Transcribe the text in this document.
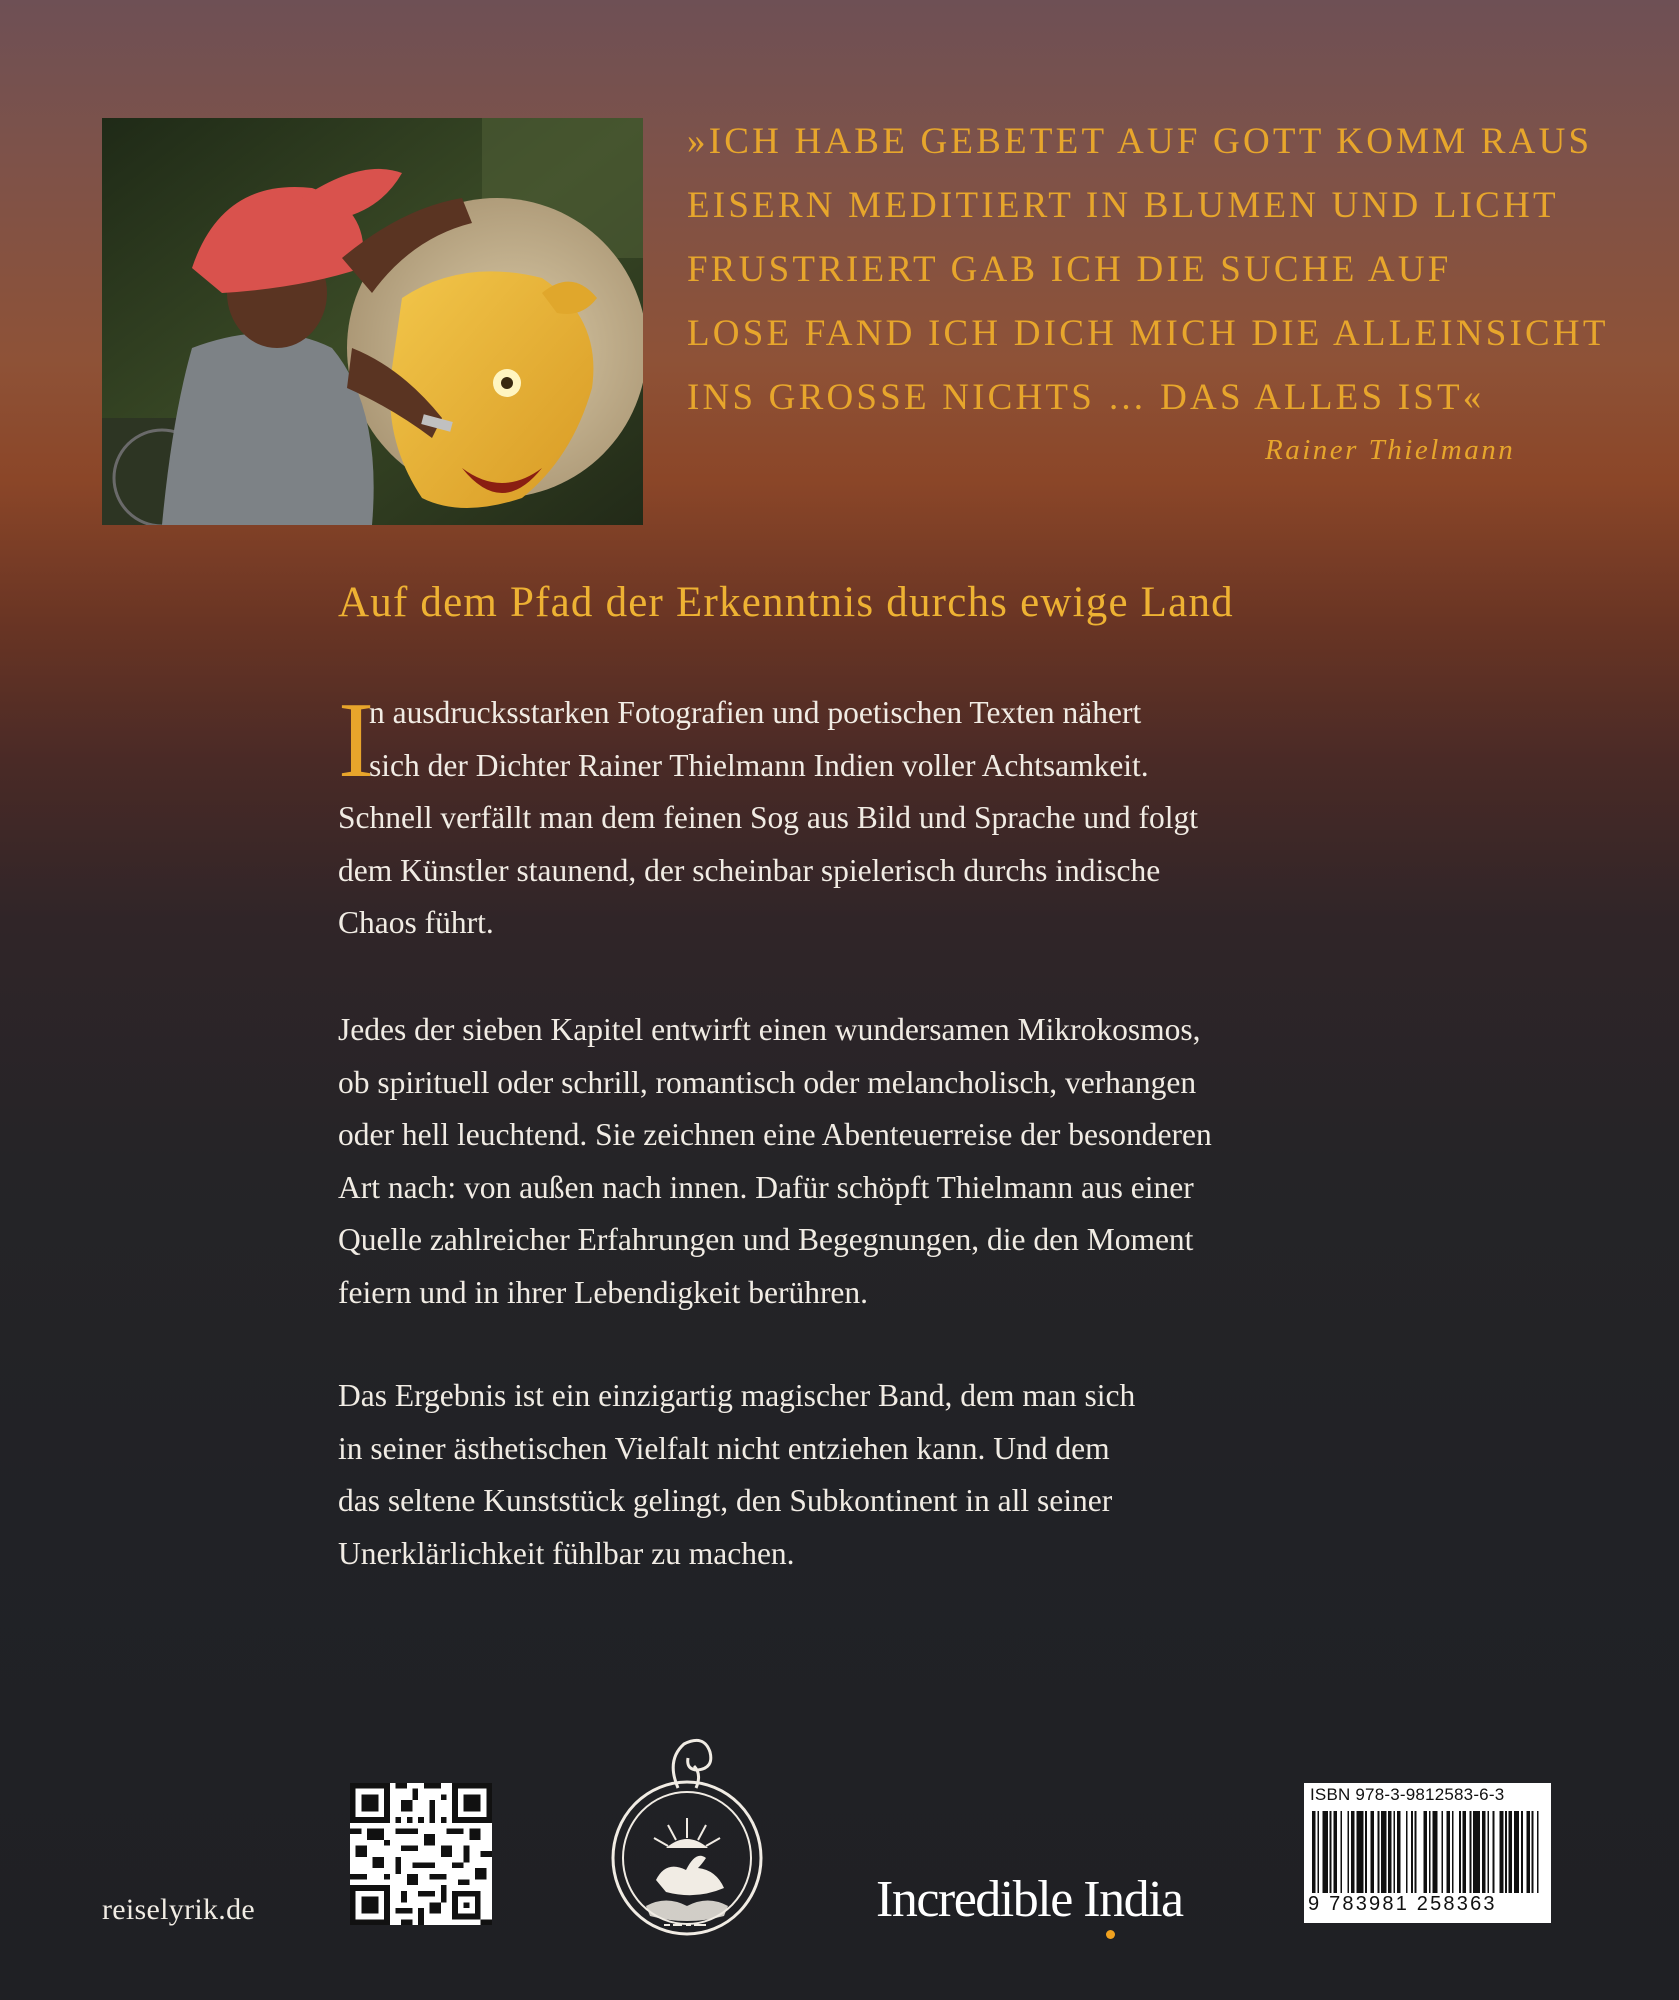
»ICH HABE GEBETET AUF GOTT KOMM RAUS
EISERN MEDITIERT IN BLUMEN UND LICHT
FRUSTRIERT GAB ICH DIE SUCHE AUF
LOSE FAND ICH DICH MICH DIE ALLEINSICHT
INS GROSSE NICHTS … DAS ALLES IST«
Rainer Thielmann
Auf dem Pfad der Erkenntnis durchs ewige Land
I
n ausdrucksstarken Fotografien und poetischen Texten nähert
sich der Dichter Rainer Thielmann Indien voller Achtsamkeit.
Schnell verfällt man dem feinen Sog aus Bild und Sprache und folgt
dem Künstler staunend, der scheinbar spielerisch durchs indische
Chaos führt.
Jedes der sieben Kapitel entwirft einen wundersamen Mikrokosmos,
ob spirituell oder schrill, romantisch oder melancholisch, verhangen
oder hell leuchtend. Sie zeichnen eine Abenteuerreise der besonderen
Art nach: von außen nach innen. Dafür schöpft Thielmann aus einer
Quelle zahlreicher Erfahrungen und Begegnungen, die den Moment
feiern und in ihrer Lebendigkeit berühren.
Das Ergebnis ist ein einzigartig magischer Band, dem man sich
in seiner ästhetischen Vielfalt nicht entziehen kann. Und dem
das seltene Kunststück gelingt, den Subkontinent in all seiner
Unerklärlichkeit fühlbar zu machen.
reiselyrik.de	Incredible India
ISBN 978-3-9812583-6-3
9 783981 258363
